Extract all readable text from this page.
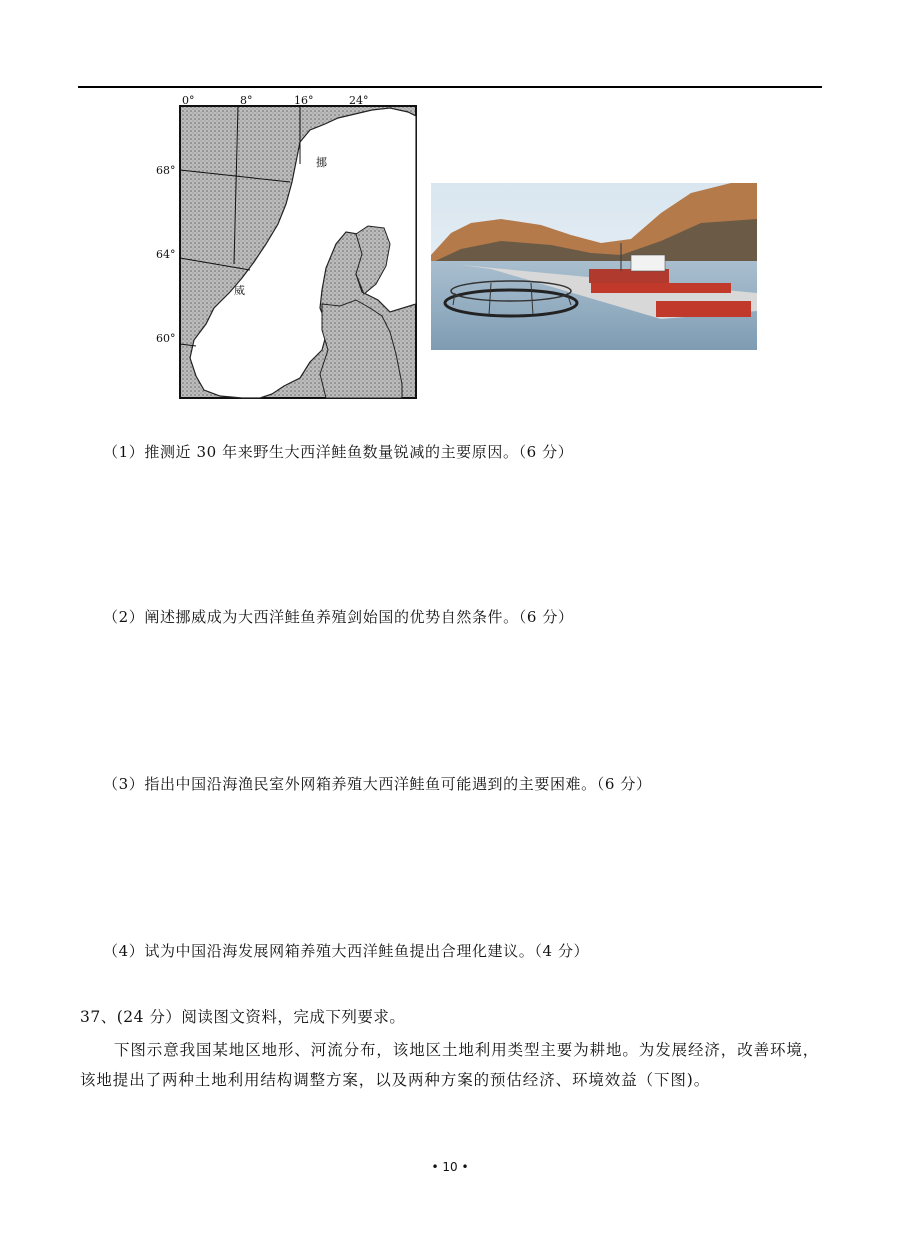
0°	8°	16°	24°
68°
64°
60°
挪
威
（1）推测近 30 年来野生大西洋鲑鱼数量锐减的主要原因。（6 分）
（2）阐述挪威成为大西洋鲑鱼养殖剑始国的优势自然条件。（6 分）
（3）指出中国沿海渔民室外网箱养殖大西洋鲑鱼可能遇到的主要困难。（6 分）
（4）试为中国沿海发展网箱养殖大西洋鲑鱼提出合理化建议。（4 分）
37、(24 分）阅读图文资料，完成下列要求。
下图示意我国某地区地形、河流分布，该地区土地利用类型主要为耕地。为发展经济，改善环境，该地提出了两种土地利用结构调整方案，以及两种方案的预估经济、环境效益（下图)。
• 10 •
